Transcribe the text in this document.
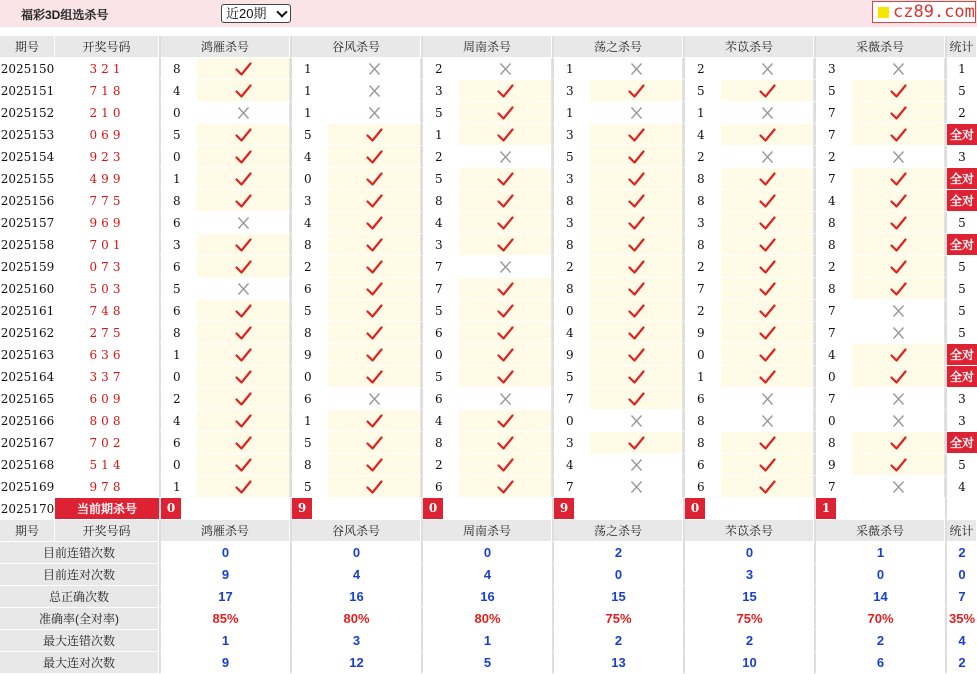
福彩3D组选杀号	近20期	cz89.com
期号	开奖号码	鸿雁杀号		谷风杀号		周南杀号		荡之杀号		芣苡杀号		采薇杀号		统计
2025150	321	8		1		2		1		2		3		1
2025151	718	4		1		3		3		5		5		5
2025152	210	0		1		5		1		1		7		2
2025153	069	5		5		1		3		4		7		全对
2025154	923	0		4		2		5		2		2		3
2025155	499	1		0		5		3		8		7		全对
2025156	775	8		3		8		8		8		4		全对
2025157	969	6		4		4		3		3		8		5
2025158	701	3		8		3		8		8		8		全对
2025159	073	6		2		7		2		2		2		5
2025160	503	5		6		7		8		7		8		5
2025161	748	6		5		5		0		2		7		5
2025162	275	8		8		6		4		9		7		5
2025163	636	1		9		0		9		0		4		全对
2025164	337	0		0		5		5		1		0		全对
2025165	609	2		6		6		7		6		7		3
2025166	808	4		1		4		0		8		0		3
2025167	702	6		5		8		3		8		8		全对
2025168	514	0		8		2		4		6		9		5
2025169	978	1		5		6		7		6		7		4
2025170	当前期杀号	0		9		0		9		0		1		
期号	开奖号码	鸿雁杀号		谷风杀号		周南杀号		荡之杀号		芣苡杀号		采薇杀号		统计
目前连错次数		0		0		0		2		0		1		2
目前连对次数		9		4		4		0		3		0		0
总正确次数		17		16		16		15		15		14		7
准确率(全对率)		85%		80%		80%		75%		75%		70%		35%
最大连错次数		1		3		1		2		2		2		4
最大连对次数		9		12		5		13		10		6		2
